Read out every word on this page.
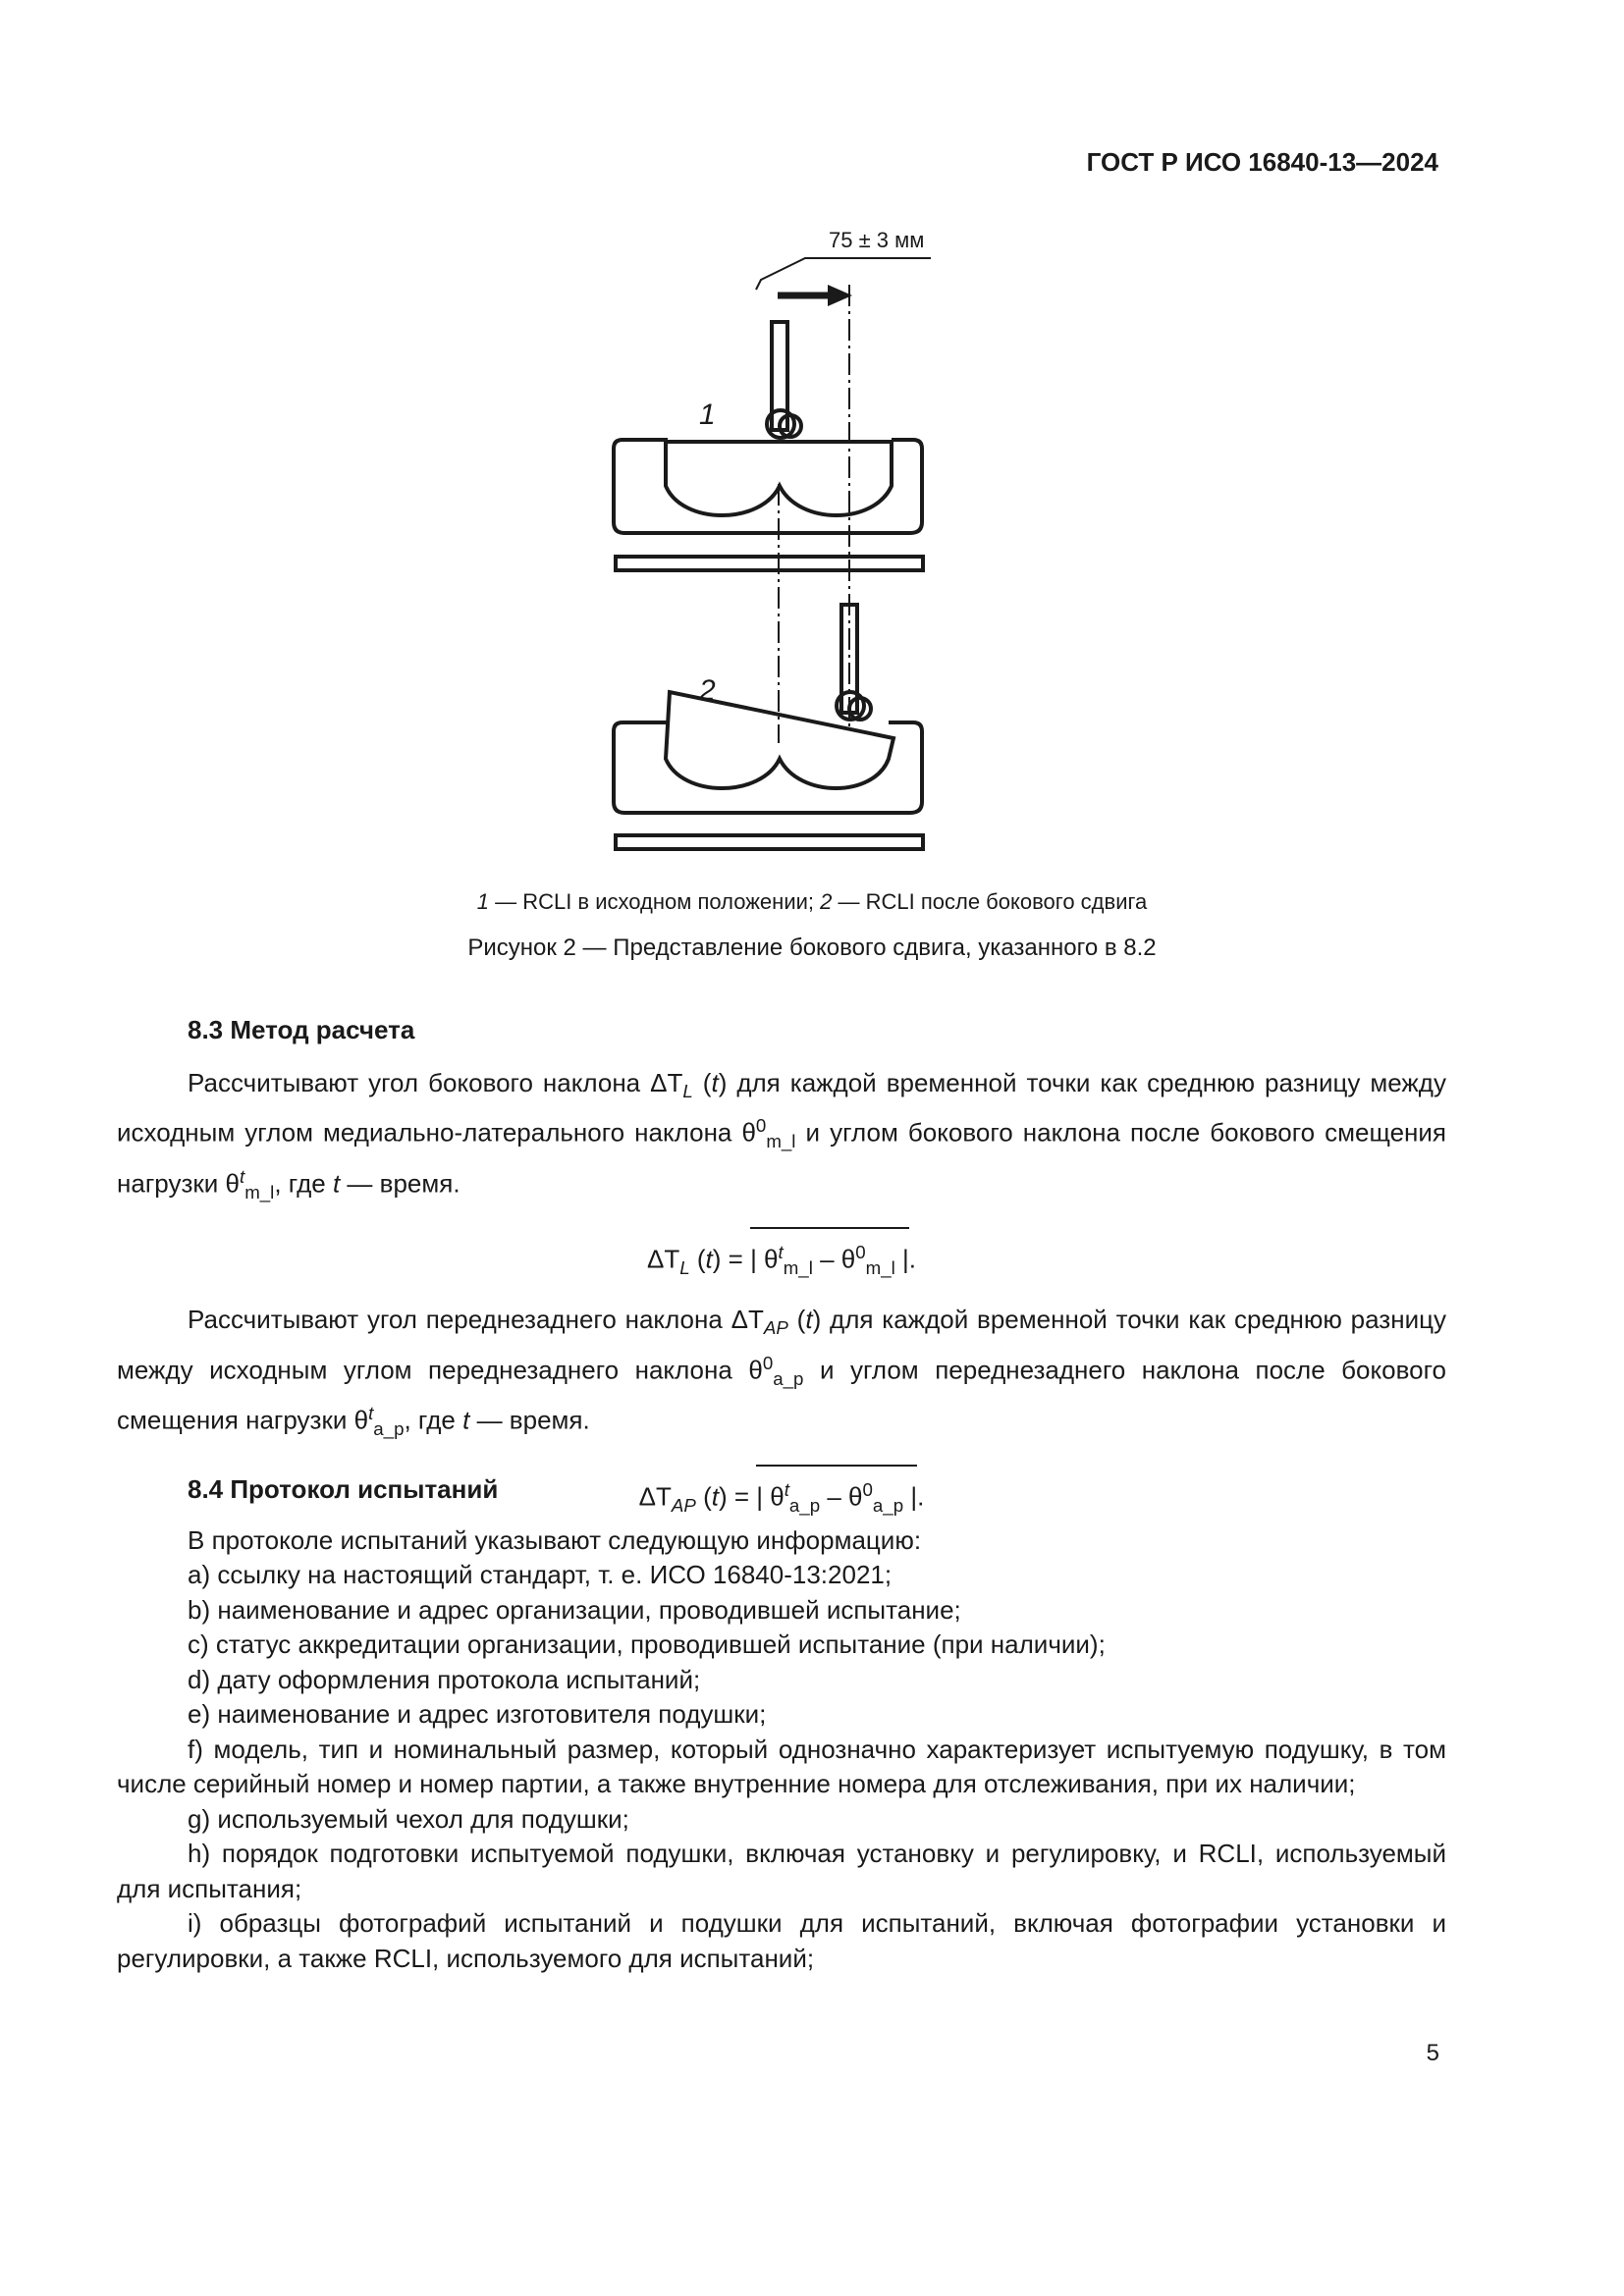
ГОСТ Р ИСО 16840-13—2024
75 ± 3 мм
1
2
1 — RCLI в исходном положении; 2 — RCLI после бокового сдвига
Рисунок 2 — Представление бокового сдвига, указанного в 8.2

8.3 Метод расчета

Рассчитывают угол бокового наклона $\Delta T_L$ (t) для каждой временной точки как среднюю разницу между исходным углом медиально-латерального наклона $\theta^0_{m\_l}$ и углом бокового наклона после бокового смещения нагрузки $\theta^t_{m\_l}$, где t — время.

$\Delta T_L$ (t) = | $\theta^t_{m\_l} - \theta^0_{m\_l}$ |.

Рассчитывают угол переднезаднего наклона $\Delta T_{AP}$ (t) для каждой временной точки как среднюю разницу между исходным углом переднезаднего наклона $\theta^0_{a\_p}$ и углом переднезаднего наклона после бокового смещения нагрузки $\theta^t_{a\_p}$, где t — время.

$\Delta T_{AP}$ (t) = | $\theta^t_{a\_p} - \theta^0_{a\_p}$ |.

8.4 Протокол испытаний

В протоколе испытаний указывают следующую информацию:

a) ссылку на настоящий стандарт, т. е. ИСО 16840-13:2021;

b) наименование и адрес организации, проводившей испытание;

c) статус аккредитации организации, проводившей испытание (при наличии);

d) дату оформления протокола испытаний;

e) наименование и адрес изготовителя подушки;

f) модель, тип и номинальный размер, который однозначно характеризует испытуемую подушку, в том числе серийный номер и номер партии, а также внутренние номера для отслеживания, при их наличии;

g) используемый чехол для подушки;

h) порядок подготовки испытуемой подушки, включая установку и регулировку, и RCLI, используемый для испытания;

i) образцы фотографий испытаний и подушки для испытаний, включая фотографии установки и регулировки, а также RCLI, используемого для испытаний;

5
